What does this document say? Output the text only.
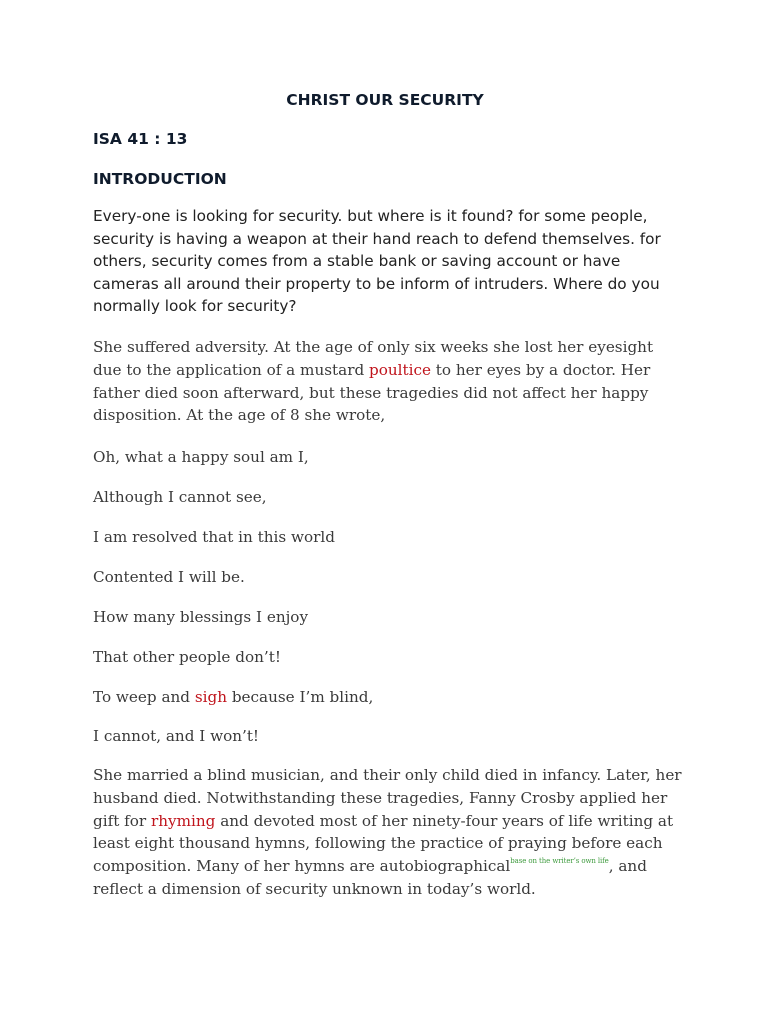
CHRIST OUR SECURITY
ISA 41 : 13
INTRODUCTION

Every-one is looking for security. but where is it found? for some people, security is having a weapon at their hand reach to defend themselves. for others, security comes from a stable bank or saving account or have cameras all around their property to be inform of intruders. Where do you normally look for security?

She suffered adversity. At the age of only six weeks she lost her eyesight due to the application of a mustard poultice to her eyes by a doctor. Her father died soon afterward, but these tragedies did not affect her happy disposition. At the age of 8 she wrote,

Oh, what a happy soul am I,

Although I cannot see,

I am resolved that in this world

Contented I will be.

How many blessings I enjoy

That other people don’t!

To weep and sigh because I’m blind,

I cannot, and I won’t!

She married a blind musician, and their only child died in infancy. Later, her husband died. Notwithstanding these tragedies, Fanny Crosby applied her gift for rhyming and devoted most of her ninety-four years of life writing at least eight thousand hymns, following the practice of praying before each composition. Many of her hymns are autobiographical$^{base on the writer’s own life}$, and reflect a dimension of security unknown in today’s world.
